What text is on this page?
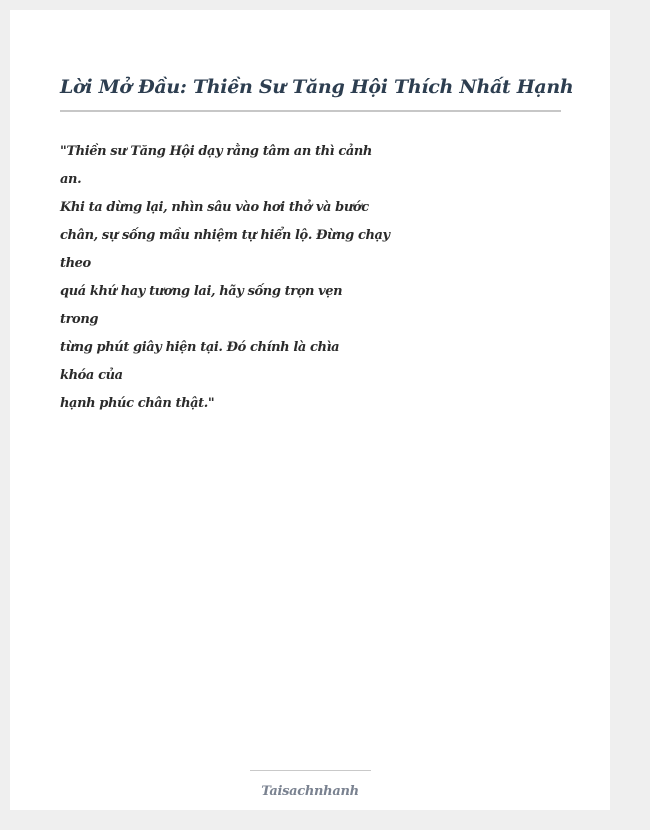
Lời Mở Đầu: Thiền Sư Tăng Hội Thích Nhất Hạnh
"Thiền sư Tăng Hội dạy rằng tâm an thì cảnh
an.
Khi ta dừng lại, nhìn sâu vào hơi thở và bước
chân, sự sống mầu nhiệm tự hiển lộ. Đừng chạy
theo
quá khứ hay tương lai, hãy sống trọn vẹn
trong
từng phút giây hiện tại. Đó chính là chìa
khóa của
hạnh phúc chân thật."

Taisachnhanh
